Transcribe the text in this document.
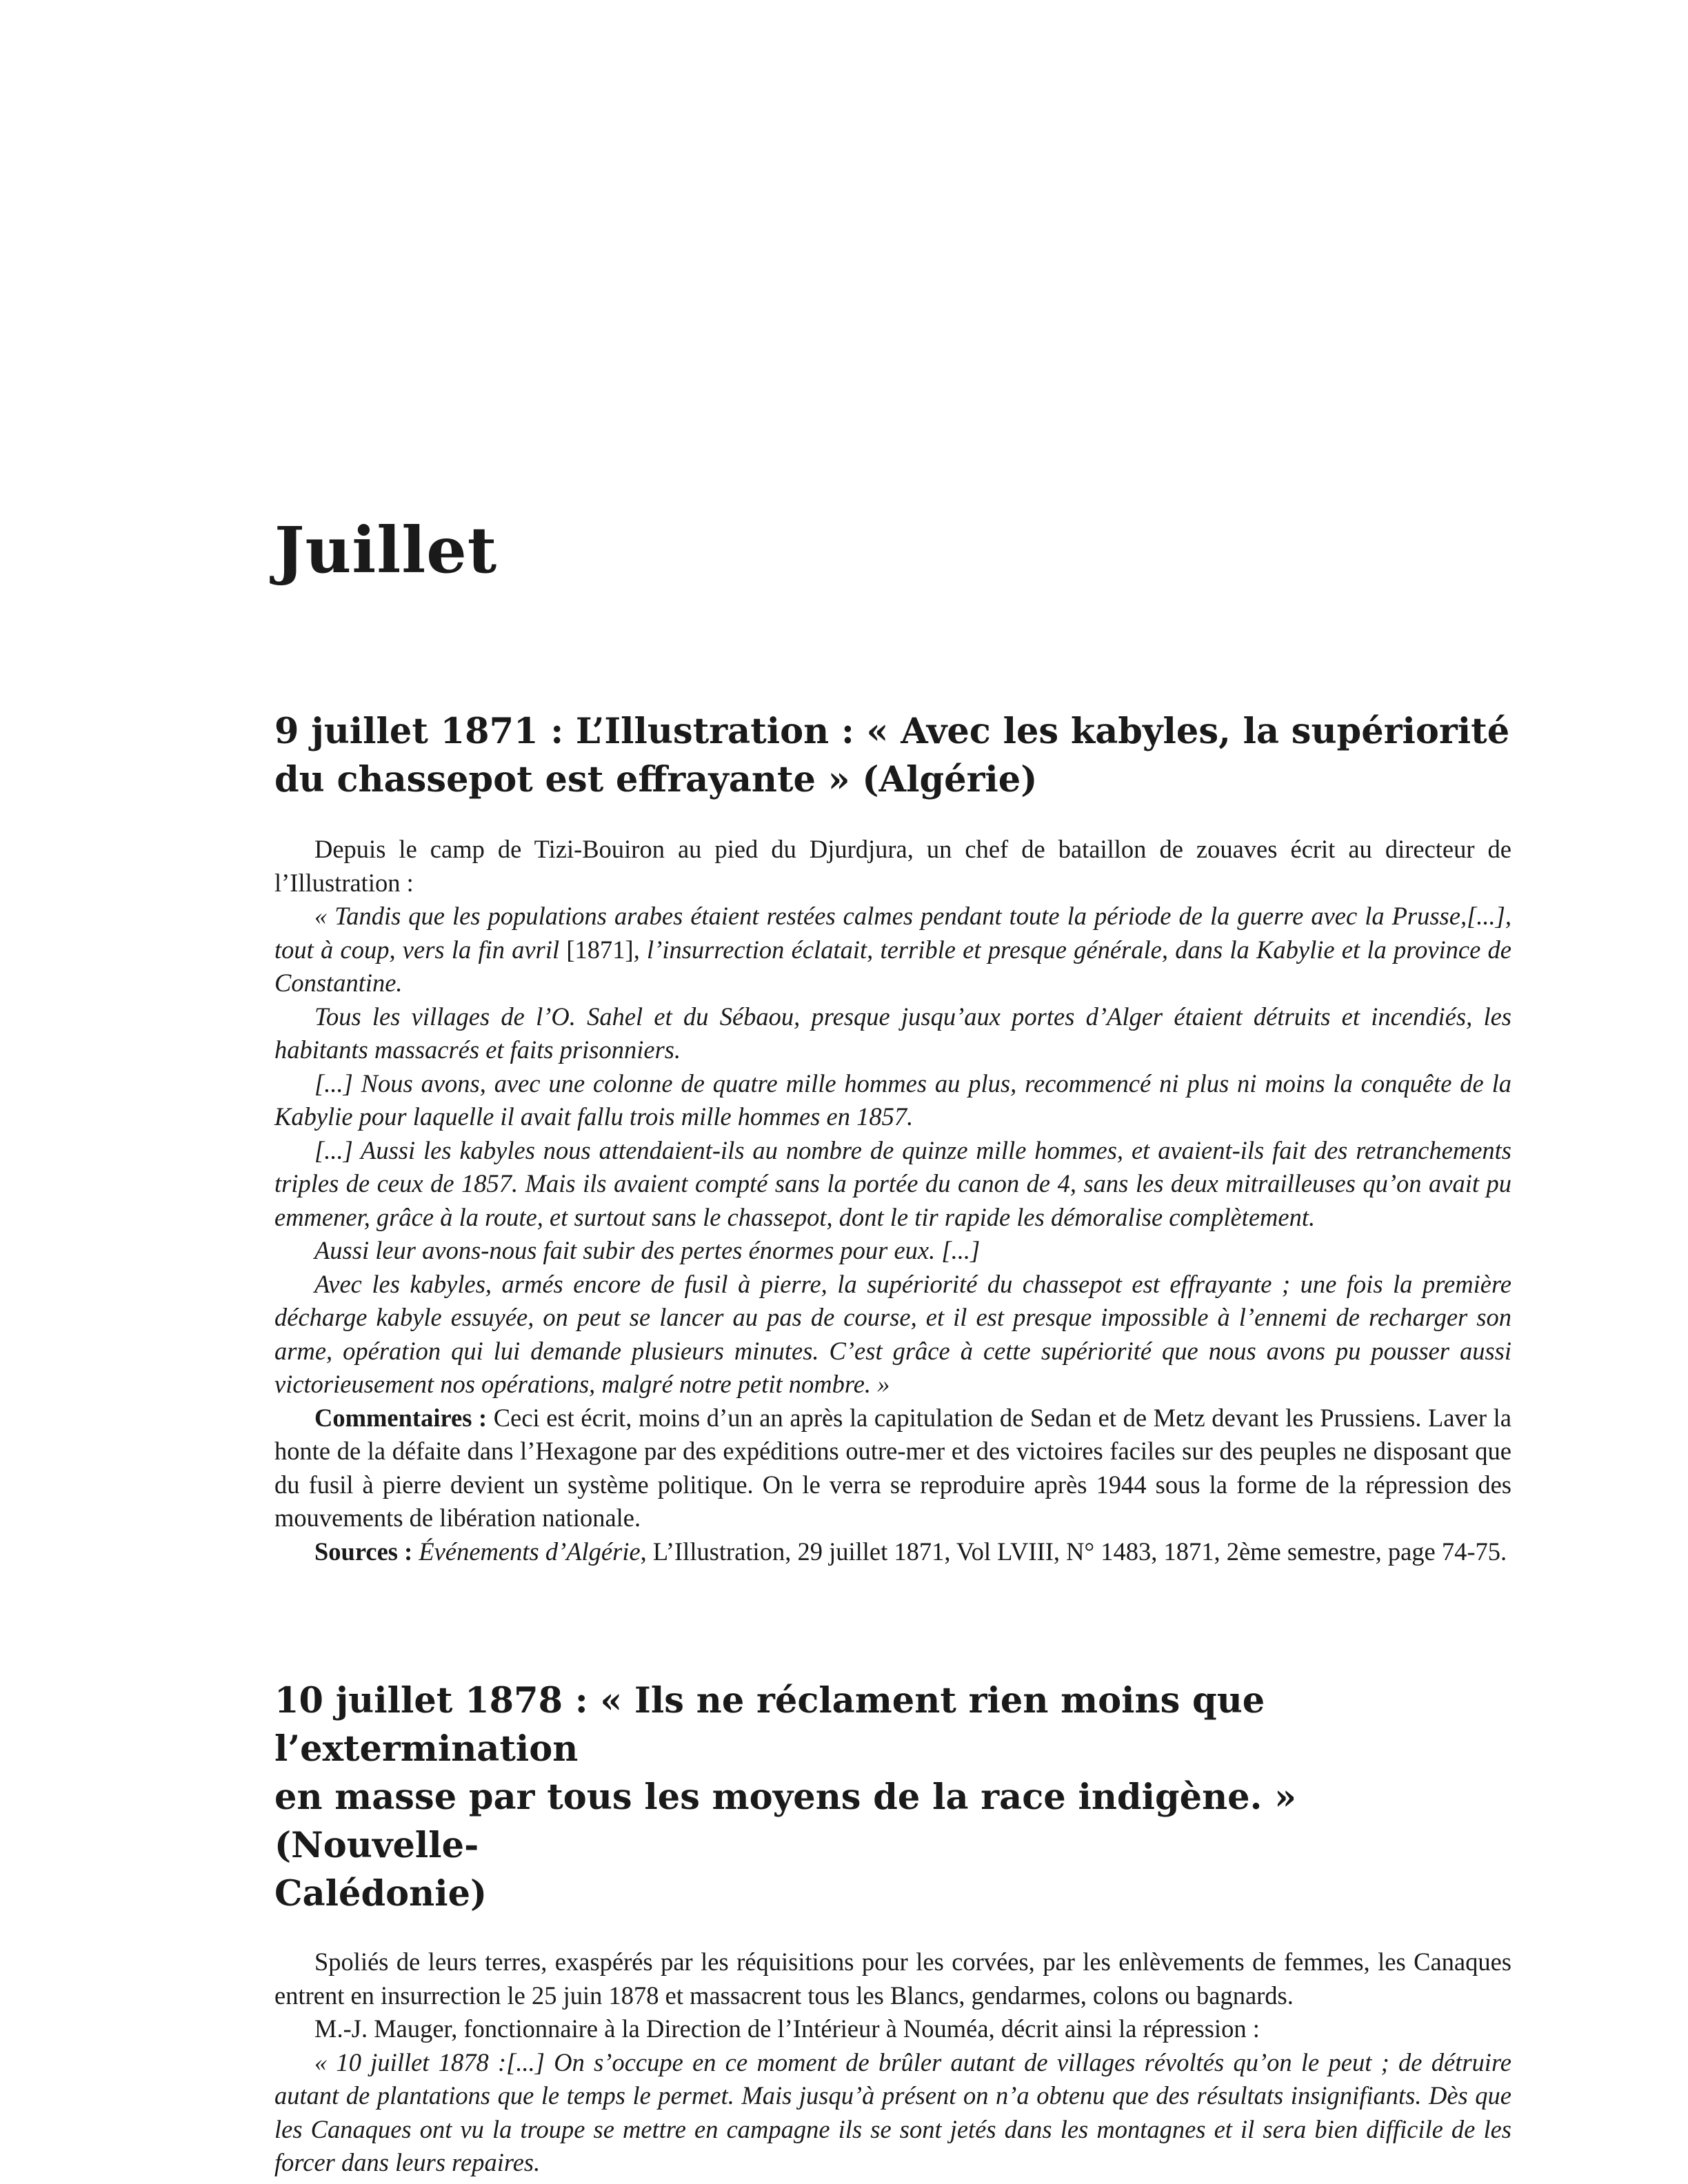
Juillet
9 juillet 1871 : L’Illustration : « Avec les kabyles, la supériorité
du chassepot est effrayante » (Algérie)

Depuis le camp de Tizi-Bouiron au pied du Djurdjura, un chef de bataillon de zouaves écrit au directeur de l’Illustration :

« Tandis que les populations arabes étaient restées calmes pendant toute la période de la guerre avec la Prusse,[...], tout à coup, vers la fin avril [1871], l’insurrection éclatait, terrible et presque générale, dans la Kabylie et la province de Constantine.

Tous les villages de l’O. Sahel et du Sébaou, presque jusqu’aux portes d’Alger étaient détruits et incendiés, les habitants massacrés et faits prisonniers.

[...] Nous avons, avec une colonne de quatre mille hommes au plus, recommencé ni plus ni moins la conquête de la Kabylie pour laquelle il avait fallu trois mille hommes en 1857.

[...] Aussi les kabyles nous attendaient-ils au nombre de quinze mille hommes, et avaient-ils fait des retranchements triples de ceux de 1857. Mais ils avaient compté sans la portée du canon de 4, sans les deux mitrailleuses qu’on avait pu emmener, grâce à la route, et surtout sans le chassepot, dont le tir rapide les démoralise complètement.

Aussi leur avons-nous fait subir des pertes énormes pour eux. [...]

Avec les kabyles, armés encore de fusil à pierre, la supériorité du chassepot est effrayante ; une fois la première décharge kabyle essuyée, on peut se lancer au pas de course, et il est presque impossible à l’ennemi de recharger son arme, opération qui lui demande plusieurs minutes. C’est grâce à cette supériorité que nous avons pu pousser aussi victorieusement nos opérations, malgré notre petit nombre. »

Commentaires : Ceci est écrit, moins d’un an après la capitulation de Sedan et de Metz devant les Prussiens. Laver la honte de la défaite dans l’Hexagone par des expéditions outre-mer et des victoires faciles sur des peuples ne disposant que du fusil à pierre devient un système politique. On le verra se reproduire après 1944 sous la forme de la répression des mouvements de libération nationale.

Sources : Événements d’Algérie, L’Illustration, 29 juillet 1871, Vol LVIII, N° 1483, 1871, 2ème semestre, page 74-75.

10 juillet 1878 : « Ils ne réclament rien moins que l’extermination
en masse par tous les moyens de la race indigène. » (Nouvelle-
Calédonie)

Spoliés de leurs terres, exaspérés par les réquisitions pour les corvées, par les enlèvements de femmes, les Canaques entrent en insurrection le 25 juin 1878 et massacrent tous les Blancs, gendarmes, colons ou bagnards.

M.-J. Mauger, fonctionnaire à la Direction de l’Intérieur à Nouméa, décrit ainsi la répression :

« 10 juillet 1878 :[...] On s’occupe en ce moment de brûler autant de villages révoltés qu’on le peut ; de détruire autant de plantations que le temps le permet. Mais jusqu’à présent on n’a obtenu que des résultats insignifiants. Dès que les Canaques ont vu la troupe se mettre en campagne ils se sont jetés dans les montagnes et il sera bien difficile de les forcer dans leurs repaires.
